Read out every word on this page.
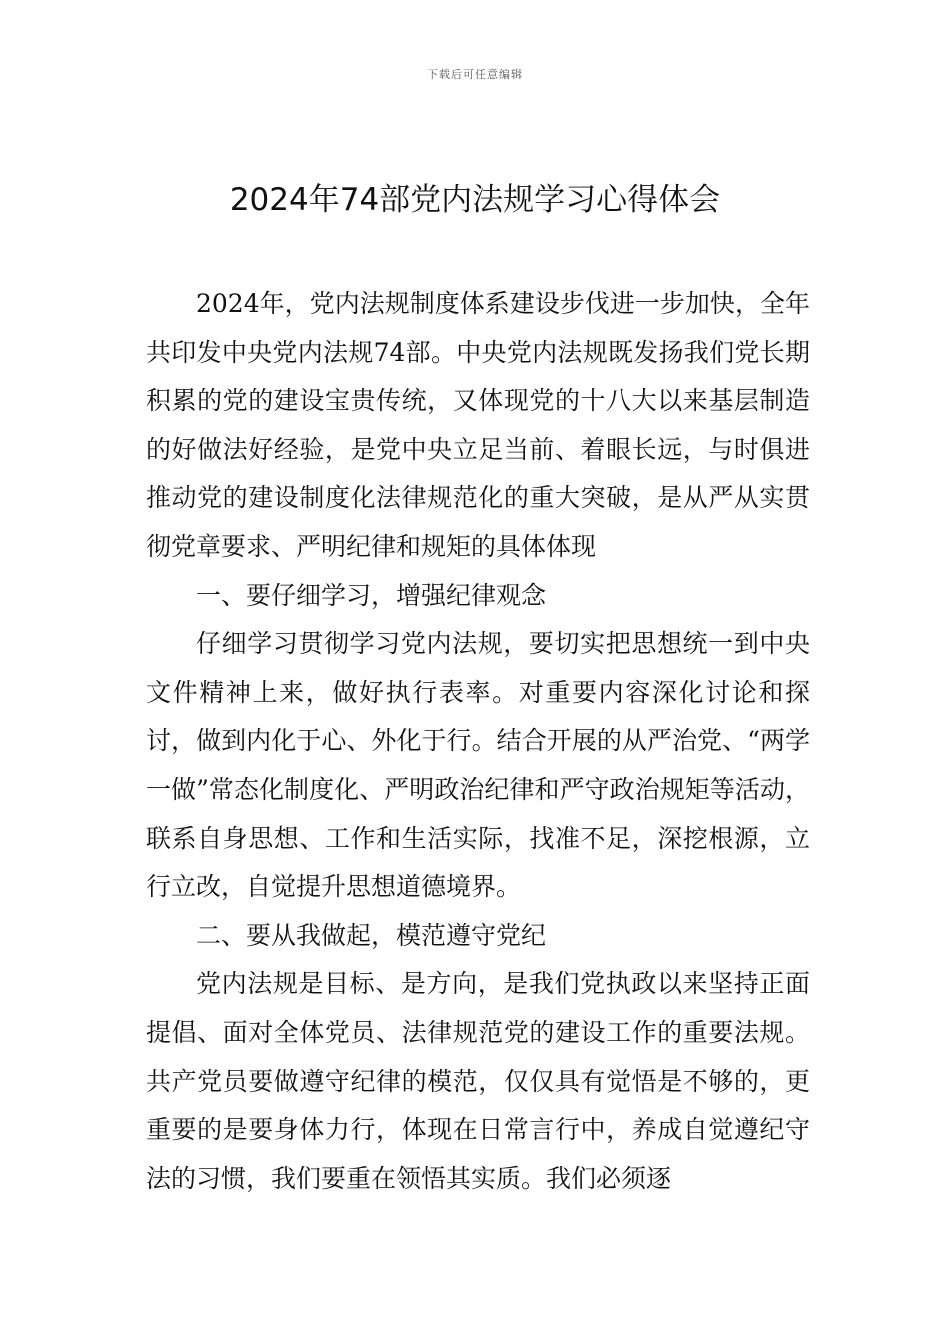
下载后可任意编辑
2024年74部党内法规学习心得体会

2024年，党内法规制度体系建设步伐进一步加快，全年共印发中央党内法规74部。中央党内法规既发扬我们党长期积累的党的建设宝贵传统，又体现党的十八大以来基层制造的好做法好经验，是党中央立足当前、着眼长远，与时俱进推动党的建设制度化法律规范化的重大突破，是从严从实贯彻党章要求、严明纪律和规矩的具体体现

一、要仔细学习，增强纪律观念

仔细学习贯彻学习党内法规，要切实把思想统一到中央文件精神上来，做好执行表率。对重要内容深化讨论和探讨，做到内化于心、外化于行。结合开展的从严治党、“两学一做”常态化制度化、严明政治纪律和严守政治规矩等活动，联系自身思想、工作和生活实际，找准不足，深挖根源，立行立改，自觉提升思想道德境界。

二、要从我做起，模范遵守党纪

党内法规是目标、是方向，是我们党执政以来坚持正面提倡、面对全体党员、法律规范党的建设工作的重要法规。共产党员要做遵守纪律的模范，仅仅具有觉悟是不够的，更重要的是要身体力行，体现在日常言行中，养成自觉遵纪守法的习惯，我们要重在领悟其实质。我们必须逐
